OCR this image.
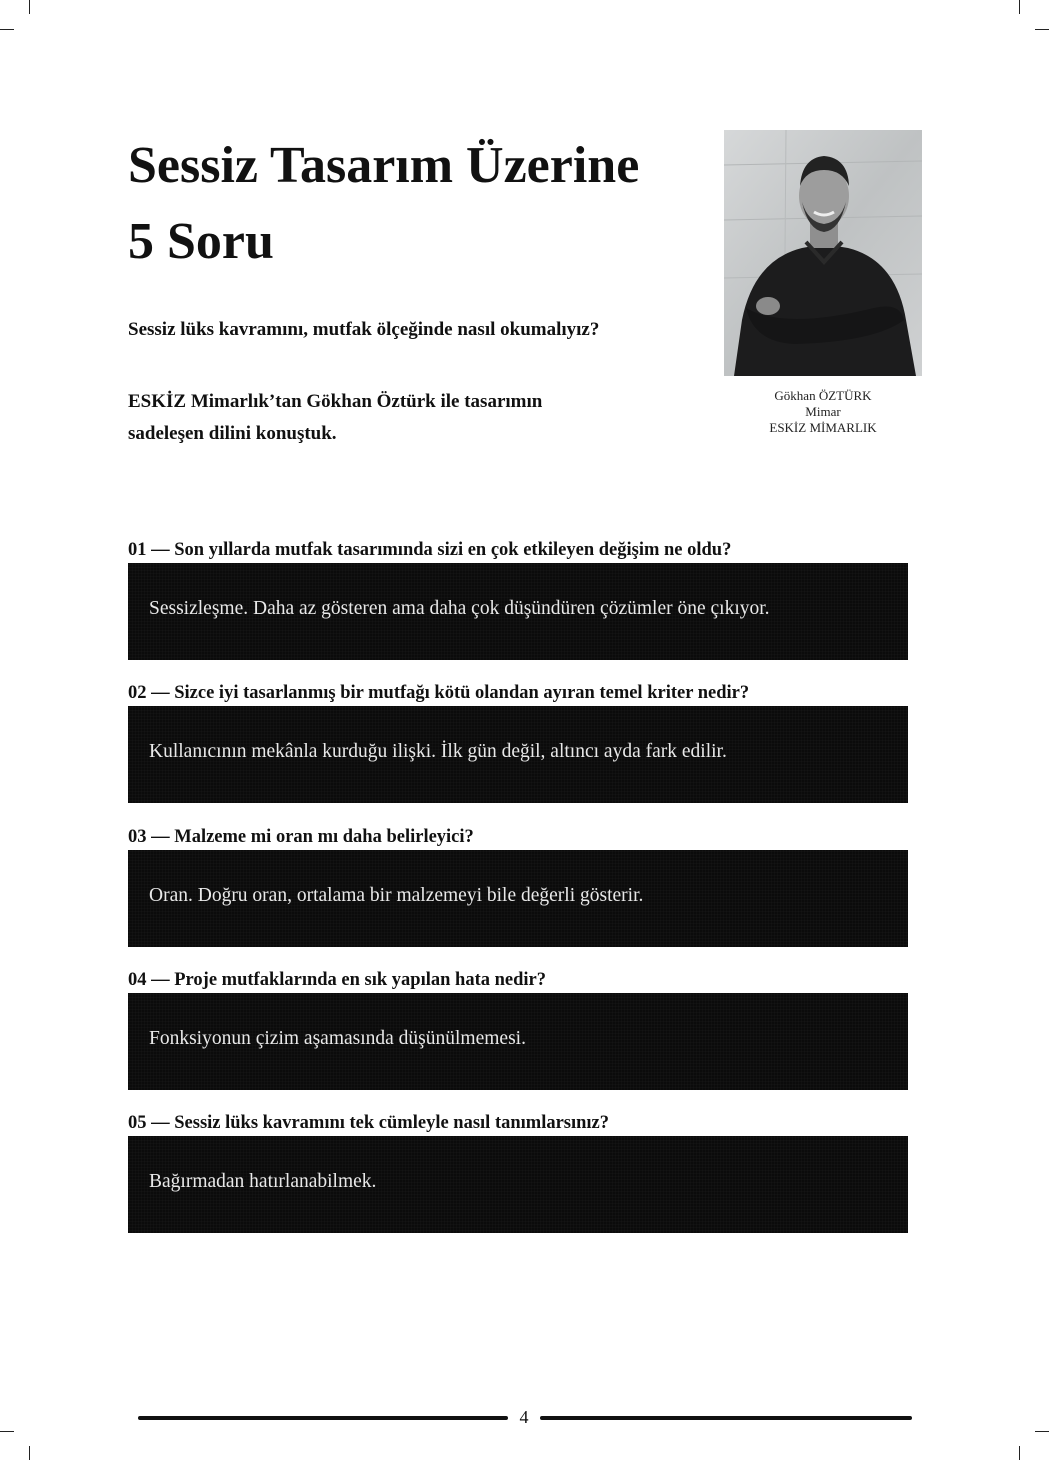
Sessiz Tasarım Üzerine
5 Soru

Sessiz lüks kavramını, mutfak ölçeğinde nasıl okumalıyız?

ESKİZ Mimarlık’tan Gökhan Öztürk ile tasarımın
sadeleşen dilini konuştuk.

Gökhan ÖZTÜRK
Mimar
ESKİZ MİMARLIK

01 — Son yıllarda mutfak tasarımında sizi en çok etkileyen değişim ne oldu?

Sessizleşme. Daha az gösteren ama daha çok düşündüren çözümler öne çıkıyor.

02 — Sizce iyi tasarlanmış bir mutfağı kötü olandan ayıran temel kriter nedir?

Kullanıcının mekânla kurduğu ilişki. İlk gün değil, altıncı ayda fark edilir.

03 — Malzeme mi oran mı daha belirleyici?

Oran. Doğru oran, ortalama bir malzemeyi bile değerli gösterir.

04 — Proje mutfaklarında en sık yapılan hata nedir?

Fonksiyonun çizim aşamasında düşünülmemesi.

05 — Sessiz lüks kavramını tek cümleyle nasıl tanımlarsınız?

Bağırmadan hatırlanabilmek.
4
